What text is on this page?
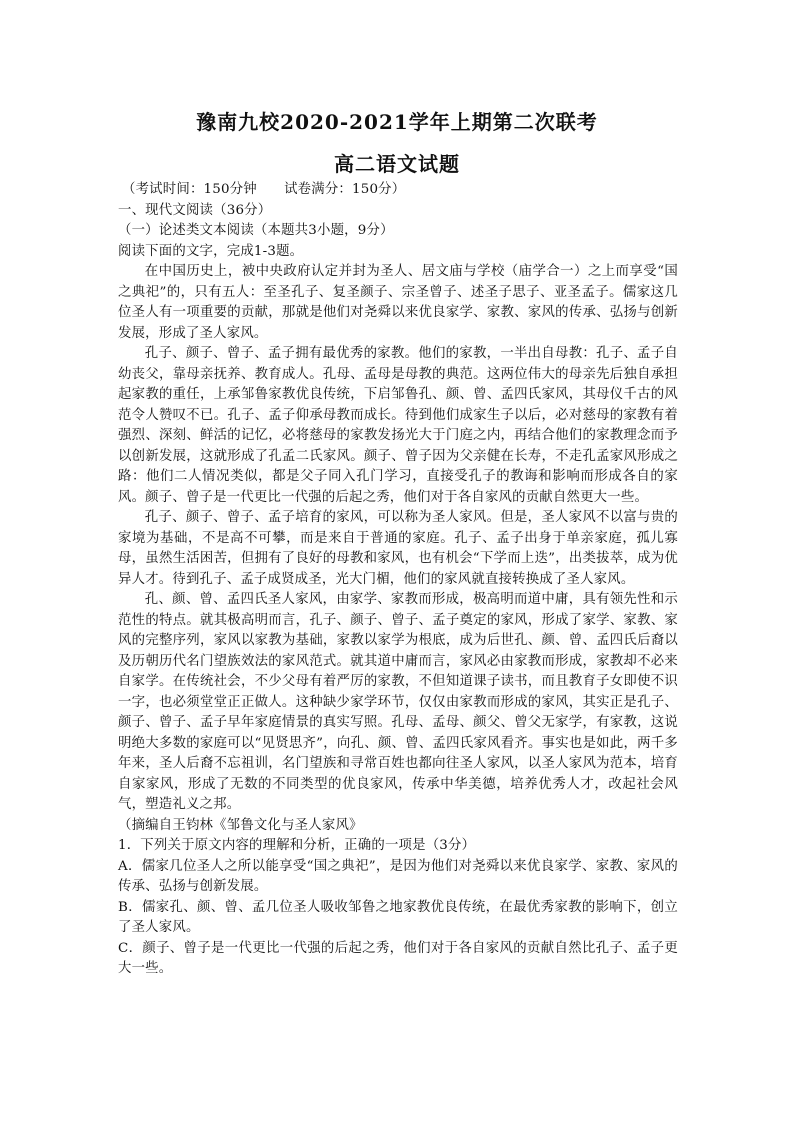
豫南九校2020-2021学年上期第二次联考
高二语文试题

（考试时间：150分钟　　试卷满分：150分）

一、现代文阅读（36分）

（一）论述类文本阅读（本题共3小题，9分）

阅读下面的文字，完成1-3题。

在中国历史上，被中央政府认定并封为圣人、居文庙与学校（庙学合一）之上而享受“国之典祀”的，只有五人：至圣孔子、复圣颜子、宗圣曾子、述圣子思子、亚圣孟子。儒家这几位圣人有一项重要的贡献，那就是他们对尧舜以来优良家学、家教、家风的传承、弘扬与创新发展，形成了圣人家风。

孔子、颜子、曾子、孟子拥有最优秀的家教。他们的家教，一半出自母教：孔子、孟子自幼丧父，靠母亲抚养、教育成人。孔母、孟母是母教的典范。这两位伟大的母亲先后独自承担起家教的重任，上承邹鲁家教优良传统，下启邹鲁孔、颜、曾、孟四氏家风，其母仪千古的风范令人赞叹不已。孔子、孟子仰承母教而成长。待到他们成家生子以后，必对慈母的家教有着强烈、深刻、鲜活的记忆，必将慈母的家教发扬光大于门庭之内，再结合他们的家教理念而予以创新发展，这就形成了孔孟二氏家风。颜子、曾子因为父亲健在长寿，不走孔孟家风形成之路：他们二人情况类似，都是父子同入孔门学习，直接受孔子的教诲和影响而形成各自的家风。颜子、曾子是一代更比一代强的后起之秀，他们对于各自家风的贡献自然更大一些。

孔子、颜子、曾子、孟子培育的家风，可以称为圣人家风。但是，圣人家风不以富与贵的家境为基础，不是高不可攀，而是来自于普通的家庭。孔子、孟子出身于单亲家庭，孤儿寡母，虽然生活困苦，但拥有了良好的母教和家风，也有机会“下学而上迭”，出类拔萃，成为优异人才。待到孔子、孟子成贤成圣，光大门楣，他们的家风就直接转换成了圣人家风。

孔、颜、曾、孟四氏圣人家风，由家学、家教而形成，极高明而道中庸，具有领先性和示范性的特点。就其极高明而言，孔子、颜子、曾子、孟子奠定的家风，形成了家学、家教、家风的完整序列，家风以家教为基础，家教以家学为根底，成为后世孔、颜、曾、孟四氏后裔以及历朝历代名门望族效法的家风范式。就其道中庸而言，家风必由家教而形成，家教却不必来自家学。在传统社会，不少父母有着严厉的家教，不但知道课子读书，而且教育子女即使不识一字，也必须堂堂正正做人。这种缺少家学环节，仅仅由家教而形成的家风，其实正是孔子、颜子、曾子、孟子早年家庭情景的真实写照。孔母、孟母、颜父、曾父无家学，有家教，这说明绝大多数的家庭可以“见贤思齐”，向孔、颜、曾、孟四氏家风看齐。事实也是如此，两千多年来，圣人后裔不忘祖训，名门望族和寻常百姓也都向往圣人家风，以圣人家风为范本，培育自家家风，形成了无数的不同类型的优良家风，传承中华美德，培养优秀人才，改起社会风气，塑造礼义之邦。

（摘编自王钧林《邹鲁文化与圣人家风》

1．下列关于原文内容的理解和分析，正确的一项是（3分）

A．儒家几位圣人之所以能享受“国之典祀”，是因为他们对尧舜以来优良家学、家教、家风的传承、弘扬与创新发展。

B．儒家孔、颜、曾、孟几位圣人吸收邹鲁之地家教优良传统，在最优秀家教的影响下，创立了圣人家风。

C．颜子、曾子是一代更比一代强的后起之秀，他们对于各自家风的贡献自然比孔子、孟子更大一些。
